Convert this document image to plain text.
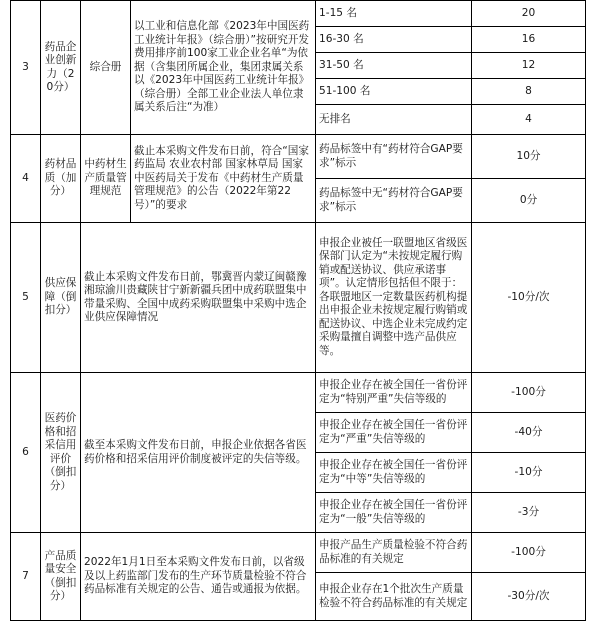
3	药品企业创新力（20分）	综合册	以工业和信息化部《2023年中国医药工业统计年报》（综合册）”按研究开发费用排序前100家工业企业名单“为依据（含集团所属企业，集团隶属关系以《2023年中国医药工业统计年报》（综合册）全部工业企业法人单位隶属关系后注“为准）	1-15 名	20
				16-30 名	16
				31-50 名	12
				51-100 名	8
				无排名	4
4	药材品质（加分）	中药材生产质量管理规范	截止本采购文件发布日前，符合“国家药监局 农业农村部 国家林草局 国家中医药局关于发布《中药材生产质量管理规范》的公告（2022年第22号）”的要求	药品标签中有“药材符合GAP要求”标示	10分
				药品标签中无“药材符合GAP要求”标示	0分
5	供应保障（倒扣分）	截止本采购文件发布日前，鄂冀晋内蒙辽闽赣豫湘琼渝川贵藏陕甘宁新新疆兵团中成药联盟集中带量采购、全国中成药采购联盟集中采购中选企业供应保障情况		申报企业被任一联盟地区省级医保部门认定为“未按规定履行购销或配送协议、供应承诺事项”。认定情形包括但不限于：各联盟地区一定数量医药机构提出申报企业未按规定履行购销或配送协议、中选企业未完成约定采购量擅自调整中选产品供应等。	-10分/次
6	医药价格和招采信用评价（倒扣分）	截至本采购文件发布日前，申报企业依据各省医药价格和招采信用评价制度被评定的失信等级。		申报企业存在被全国任一省份评定为“特别严重”失信等级的	-100分
				申报企业存在被全国任一省份评定为“严重”失信等级的	-40分
				申报企业存在被全国任一省份评定为“中等”失信等级的	-10分
				申报企业存在被全国任一省份评定为“一般”失信等级的	-3分
7	产品质量安全（倒扣分）	2022年1月1日至本采购文件发布日前，以省级及以上药监部门发布的生产环节质量检验不符合药品标准有关规定的公告、通告或通报为依据。		申报产品生产质量检验不符合药品标准的有关规定	-100分
				申报企业存在1个批次生产质量检验不符合药品标准的有关规定	-30分/次
